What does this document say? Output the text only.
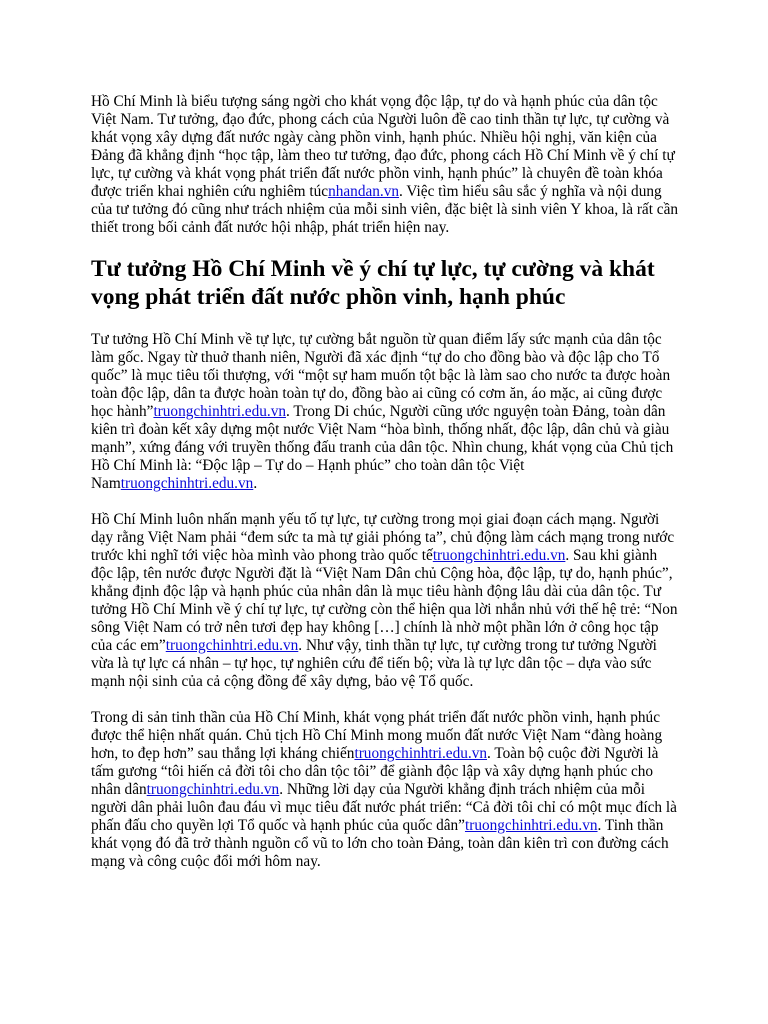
Hồ Chí Minh là biểu tượng sáng ngời cho khát vọng độc lập, tự do và hạnh phúc của dân tộc Việt Nam. Tư tưởng, đạo đức, phong cách của Người luôn đề cao tinh thần tự lực, tự cường và khát vọng xây dựng đất nước ngày càng phồn vinh, hạnh phúc. Nhiều hội nghị, văn kiện của Đảng đã khẳng định “học tập, làm theo tư tưởng, đạo đức, phong cách Hồ Chí Minh về ý chí tự lực, tự cường và khát vọng phát triển đất nước phồn vinh, hạnh phúc” là chuyên đề toàn khóa được triển khai nghiên cứu nghiêm túcnhandan.vn. Việc tìm hiểu sâu sắc ý nghĩa và nội dung của tư tưởng đó cũng như trách nhiệm của mỗi sinh viên, đặc biệt là sinh viên Y khoa, là rất cần thiết trong bối cảnh đất nước hội nhập, phát triển hiện nay.

Tư tưởng Hồ Chí Minh về ý chí tự lực, tự cường và khát vọng phát triển đất nước phồn vinh, hạnh phúc

Tư tưởng Hồ Chí Minh về tự lực, tự cường bắt nguồn từ quan điểm lấy sức mạnh của dân tộc làm gốc. Ngay từ thuở thanh niên, Người đã xác định “tự do cho đồng bào và độc lập cho Tổ quốc” là mục tiêu tối thượng, với “một sự ham muốn tột bậc là làm sao cho nước ta được hoàn toàn độc lập, dân ta được hoàn toàn tự do, đồng bào ai cũng có cơm ăn, áo mặc, ai cũng được học hành”truongchinhtri.edu.vn. Trong Di chúc, Người cũng ước nguyện toàn Đảng, toàn dân kiên trì đoàn kết xây dựng một nước Việt Nam “hòa bình, thống nhất, độc lập, dân chủ và giàu mạnh”, xứng đáng với truyền thống đấu tranh của dân tộc. Nhìn chung, khát vọng của Chủ tịch Hồ Chí Minh là: “Độc lập – Tự do – Hạnh phúc” cho toàn dân tộc Việt Namtruongchinhtri.edu.vn.

Hồ Chí Minh luôn nhấn mạnh yếu tố tự lực, tự cường trong mọi giai đoạn cách mạng. Người dạy rằng Việt Nam phải “đem sức ta mà tự giải phóng ta”, chủ động làm cách mạng trong nước trước khi nghĩ tới việc hòa mình vào phong trào quốc tếtruongchinhtri.edu.vn. Sau khi giành độc lập, tên nước được Người đặt là “Việt Nam Dân chủ Cộng hòa, độc lập, tự do, hạnh phúc”, khẳng định độc lập và hạnh phúc của nhân dân là mục tiêu hành động lâu dài của dân tộc. Tư tưởng Hồ Chí Minh về ý chí tự lực, tự cường còn thể hiện qua lời nhắn nhủ với thế hệ trẻ: “Non sông Việt Nam có trở nên tươi đẹp hay không […] chính là nhờ một phần lớn ở công học tập của các em”truongchinhtri.edu.vn. Như vậy, tinh thần tự lực, tự cường trong tư tưởng Người vừa là tự lực cá nhân – tự học, tự nghiên cứu để tiến bộ; vừa là tự lực dân tộc – dựa vào sức mạnh nội sinh của cả cộng đồng để xây dựng, bảo vệ Tổ quốc.

Trong di sản tinh thần của Hồ Chí Minh, khát vọng phát triển đất nước phồn vinh, hạnh phúc được thể hiện nhất quán. Chủ tịch Hồ Chí Minh mong muốn đất nước Việt Nam “đàng hoàng hơn, to đẹp hơn” sau thắng lợi kháng chiếntruongchinhtri.edu.vn. Toàn bộ cuộc đời Người là tấm gương “tôi hiến cả đời tôi cho dân tộc tôi” để giành độc lập và xây dựng hạnh phúc cho nhân dântruongchinhtri.edu.vn. Những lời dạy của Người khẳng định trách nhiệm của mỗi người dân phải luôn đau đáu vì mục tiêu đất nước phát triển: “Cả đời tôi chỉ có một mục đích là phấn đấu cho quyền lợi Tổ quốc và hạnh phúc của quốc dân”truongchinhtri.edu.vn. Tinh thần khát vọng đó đã trở thành nguồn cổ vũ to lớn cho toàn Đảng, toàn dân kiên trì con đường cách mạng và công cuộc đổi mới hôm nay.
